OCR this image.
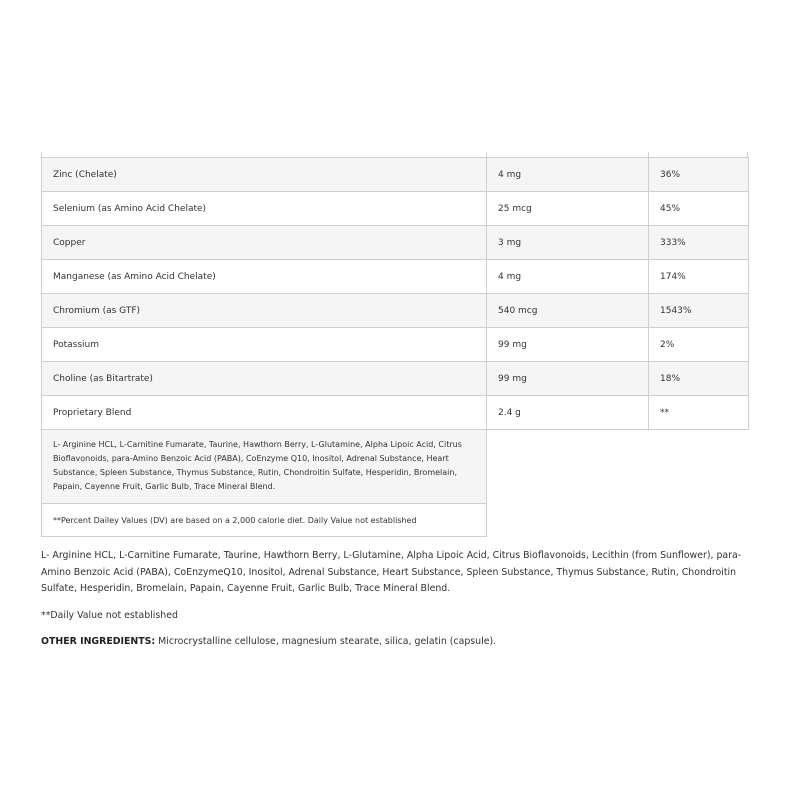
Zinc (Chelate)	4 mg	36%
Selenium (as Amino Acid Chelate)	25 mcg	45%
Copper	3 mg	333%
Manganese (as Amino Acid Chelate)	4 mg	174%
Chromium (as GTF)	540 mcg	1543%
Potassium	99 mg	2%
Choline (as Bitartrate)	99 mg	18%
Proprietary Blend	2.4 g	**
L- Arginine HCL, L-Carnitine Fumarate, Taurine, Hawthorn Berry, L-Glutamine, Alpha Lipoic Acid, Citrus Bioflavonoids, para-Amino Benzoic Acid (PABA), CoEnzyme Q10, Inositol, Adrenal Substance, Heart Substance, Spleen Substance, Thymus Substance, Rutin, Chondroitin Sulfate, Hesperidin, Bromelain, Papain, Cayenne Fruit, Garlic Bulb, Trace Mineral Blend.
**Percent Dailey Values (DV) are based on a 2,000 calorie diet. Daily Value not established

L- Arginine HCL, L-Carnitine Fumarate, Taurine, Hawthorn Berry, L-Glutamine, Alpha Lipoic Acid, Citrus Bioflavonoids, Lecithin (from Sunflower), para-Amino Benzoic Acid (PABA), CoEnzymeQ10, Inositol, Adrenal Substance, Heart Substance, Spleen Substance, Thymus Substance, Rutin, Chondroitin Sulfate, Hesperidin, Bromelain, Papain, Cayenne Fruit, Garlic Bulb, Trace Mineral Blend.

**Daily Value not established

OTHER INGREDIENTS: Microcrystalline cellulose, magnesium stearate, silica, gelatin (capsule).
